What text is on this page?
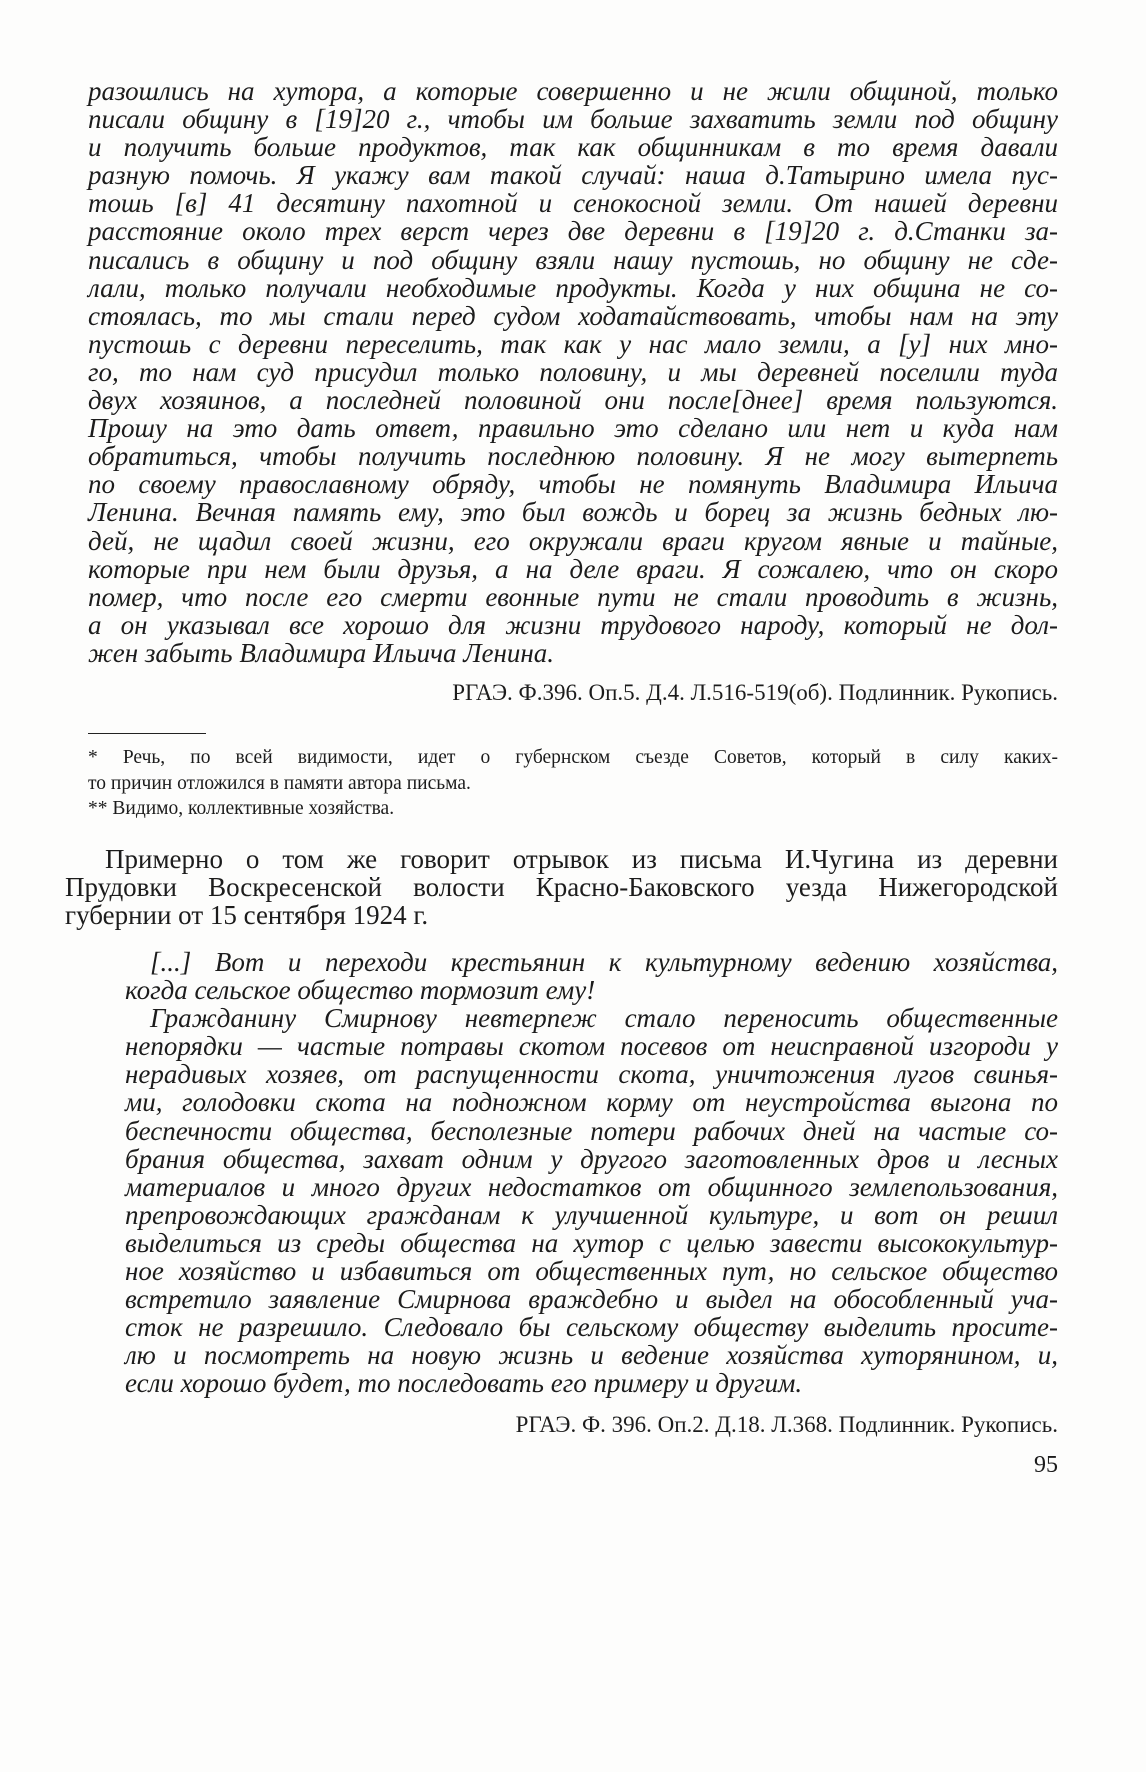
разошлись на хутора, а которые совершенно и не жили общиной, только
писали общину в [19]20 г., чтобы им больше захватить земли под общину
и получить больше продуктов, так как общинникам в то время давали
разную помочь. Я укажу вам такой случай: наша д.Татырино имела пус-
тошь [в] 41 десятину пахотной и сенокосной земли. От нашей деревни
расстояние около трех верст через две деревни в [19]20 г. д.Станки за-
писались в общину и под общину взяли нашу пустошь, но общину не сде-
лали, только получали необходимые продукты. Когда у них община не со-
стоялась, то мы стали перед судом ходатайствовать, чтобы нам на эту
пустошь с деревни переселить, так как у нас мало земли, а [у] них мно-
го, то нам суд присудил только половину, и мы деревней поселили туда
двух хозяинов, а последней половиной они после[днее] время пользуются.
Прошу на это дать ответ, правильно это сделано или нет и куда нам
обратиться, чтобы получить последнюю половину. Я не могу вытерпеть
по своему православному обряду, чтобы не помянуть Владимира Ильича
Ленина. Вечная память ему, это был вождь и борец за жизнь бедных лю-
дей, не щадил своей жизни, его окружали враги кругом явные и тайные,
которые при нем были друзья, а на деле враги. Я сожалею, что он скоро
помер, что после его смерти евонные пути не стали проводить в жизнь,
а он указывал все хорошо для жизни трудового народу, который не дол-
жен забыть Владимира Ильича Ленина.
РГАЭ. Ф.396. Оп.5. Д.4. Л.516-519(об). Подлинник. Рукопись.
* Речь, по всей видимости, идет о губернском съезде Советов, который в силу каких-
то причин отложился в памяти автора письма.
** Видимо, коллективные хозяйства.
Примерно о том же говорит отрывок из письма И.Чугина из деревни
Прудовки Воскресенской волости Красно-Баковского уезда Нижегородской
губернии от 15 сентября 1924 г.
[...] Вот и переходи крестьянин к культурному ведению хозяйства,
когда сельское общество тормозит ему!
Гражданину Смирнову невтерпеж стало переносить общественные
непорядки — частые потравы скотом посевов от неисправной изгороди у
нерадивых хозяев, от распущенности скота, уничтожения лугов свинья-
ми, голодовки скота на подножном корму от неустройства выгона по
беспечности общества, бесполезные потери рабочих дней на частые со-
брания общества, захват одним у другого заготовленных дров и лесных
материалов и много других недостатков от общинного землепользования,
препровождающих гражданам к улучшенной культуре, и вот он решил
выделиться из среды общества на хутор с целью завести высококультур-
ное хозяйство и избавиться от общественных пут, но сельское общество
встретило заявление Смирнова враждебно и выдел на обособленный уча-
сток не разрешило. Следовало бы сельскому обществу выделить просите-
лю и посмотреть на новую жизнь и ведение хозяйства хуторянином, и,
если хорошо будет, то последовать его примеру и другим.
РГАЭ. Ф. 396. Оп.2. Д.18. Л.368. Подлинник. Рукопись.
95
